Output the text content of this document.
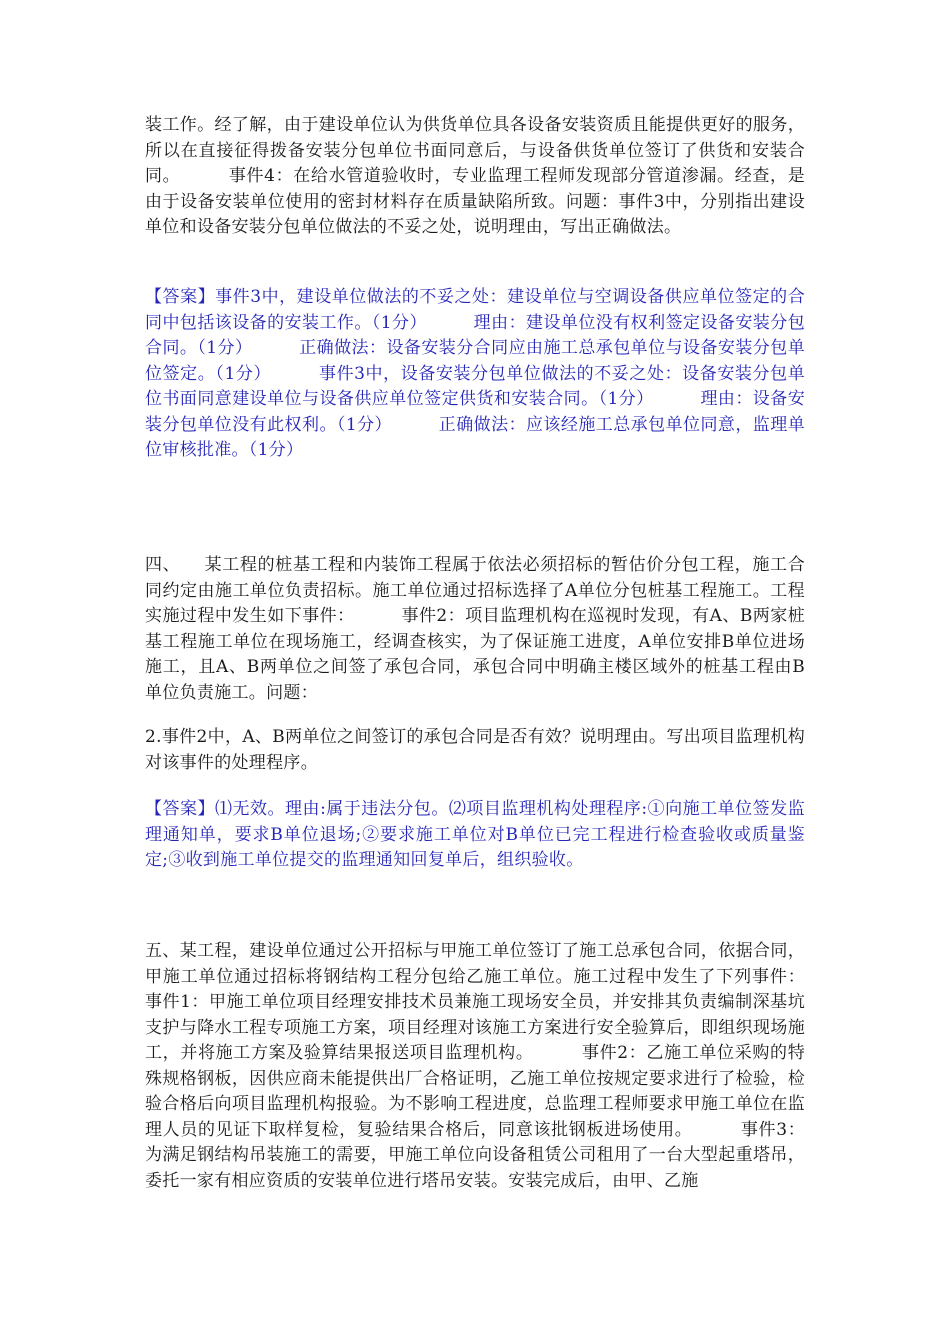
装工作。经了解，由于建设单位认为供货单位具各设备安装资质且能提供更好的服务，所以在直接征得拨备安装分包单位书面同意后，与设备供货单位签订了供货和安装合同。        事件4：在给水管道验收时，专业监理工程师发现部分管道渗漏。经查，是由于设备安装单位使用的密封材料存在质量缺陷所致。问题：事件3中，分别指出建设单位和设备安装分包单位做法的不妥之处，说明理由，写出正确做法。
【答案】事件3中，建设单位做法的不妥之处：建设单位与空调设备供应单位签定的合同中包括该设备的安装工作。（1分）        理由：建设单位没有权利签定设备安装分包合同。（1分）        正确做法：设备安装分合同应由施工总承包单位与设备安装分包单位签定。（1分）        事件3中，设备安装分包单位做法的不妥之处：设备安装分包单位书面同意建设单位与设备供应单位签定供货和安装合同。（1分）        理由：设备安装分包单位没有此权利。（1分）        正确做法：应该经施工总承包单位同意，监理单位审核批准。（1分）
四、    某工程的桩基工程和内装饰工程属于依法必须招标的暂估价分包工程，施工合同约定由施工单位负责招标。施工单位通过招标选择了A单位分包桩基工程施工。工程实施过程中发生如下事件：        事件2：项目监理机构在巡视时发现，有A、B两家桩基工程施工单位在现场施工，经调查核实，为了保证施工进度，A单位安排B单位进场施工，且A、B两单位之间签了承包合同，承包合同中明确主楼区域外的桩基工程由B单位负责施工。问题：
2.事件2中，A、B两单位之间签订的承包合同是否有效？说明理由。写出项目监理机构对该事件的处理程序。
【答案】⑴无效。理由:属于违法分包。⑵项目监理机构处理程序:①向施工单位签发监理通知单，要求B单位退场;②要求施工单位对B单位已完工程进行检查验收或质量鉴定;③收到施工单位提交的监理通知回复单后，组织验收。
五、某工程，建设单位通过公开招标与甲施工单位签订了施工总承包合同，依据合同，甲施工单位通过招标将钢结构工程分包给乙施工单位。施工过程中发生了下列事件：        事件1：甲施工单位项目经理安排技术员兼施工现场安全员，并安排其负责编制深基坑支护与降水工程专项施工方案，项目经理对该施工方案进行安全验算后，即组织现场施工，并将施工方案及验算结果报送项目监理机构。        事件2：乙施工单位采购的特殊规格钢板，因供应商未能提供出厂合格证明，乙施工单位按规定要求进行了检验，检验合格后向项目监理机构报验。为不影响工程进度，总监理工程师要求甲施工单位在监理人员的见证下取样复检，复验结果合格后，同意该批钢板进场使用。        事件3：为满足钢结构吊装施工的需要，甲施工单位向设备租赁公司租用了一台大型起重塔吊，委托一家有相应资质的安装单位进行塔吊安装。安装完成后，由甲、乙施
